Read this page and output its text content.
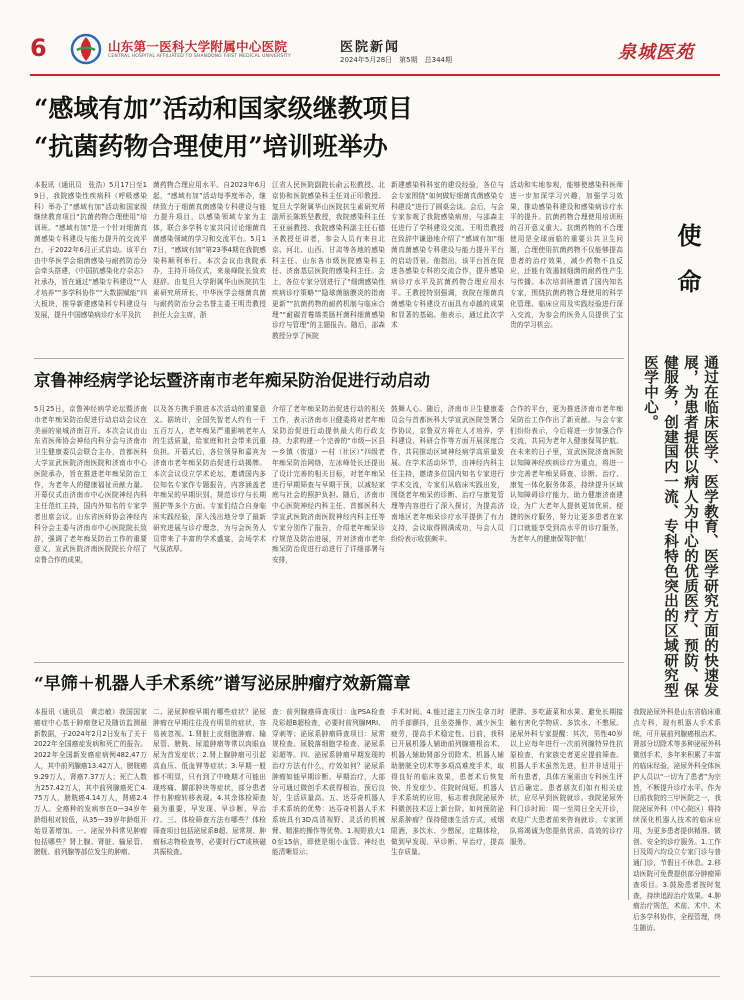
6	山东第一医科大学附属中心医院
CENTRAL HOSPITAL AFFILIATED TO SHANDONG FIRST MEDICAL UNIVERSITY
医院新闻
2024年5月28日　第5期　总344期	泉城医苑
“感域有加”活动和国家级继教项目
“抗菌药物合理使用”培训班举办
本报讯（通讯员　张浩）5月17日至19日，我院感染性疾病科（呼吸感染科）举办了“感域有加”活动和国家级继续教育项目“抗菌药物合理使用”培训班。“感域有加”是一个针对细菌真菌感染专科建设与能力提升的交流平台，于2022年6月正式启动。该平台由中华医学会细菌感染与耐药防治分会牵头搭建，《中国抗感染化疗杂志》社承办，旨在通过“感染专科建设”“人才培养”“多学科协作”“大数据赋能”四大板块，推导新建感染科专科建设与发展，提升中国感染病诊疗水平及抗
菌药物合理应用水平。自2023年6月起，“感域有加”活动每季度举办，继续致力于细菌真菌感染专科建设与能力提升项目，以感染领域专家为主体，联合多学科专家共同讨论细菌真菌感染领域的学习和交流平台。5月17日，“感域有加”第23季4期在我院感染科顺利举行。本次会议由我院承办，主持开场仪式，来泉峰院长致欢迎辞。由复旦大学附属华山医院抗生素研究所所长、中华医学会细菌真菌与耐药防治分会名誉主委王明贵教授担任大会主席，浙
江省人民医院副院长俞云松教授、北京协和医院感染科主任刘正印教授、复旦大学附属华山医院抗生素研究所副所长陈轶坚教授，我院感染科主任王亚丽教授、我院感染科副主任石德圣教授任讲者，参会人员有来自北京、河北、山西、甘肃等各地的感染科主任、山东各市级医院感染科主任、济南基层医院的感染科主任。会上，各位专家分别进行了“细菌感染性疾病诊疗策略”“隐球菌脑膜炎的指南更新”“抗菌药物的耐药机制与临床合理”“耐碳青霉烯类肠杆菌科细菌感染诊疗与管理”的主题报告。随后，邵森教授分享了医院
新建感染科科室的建设经验，各位与会专家围绕“如何做好细菌真菌感染专科建设”进行了圆桌会谈。会后，与会专家参观了我院感染病房，与邵森主任进行了学科建设交流。王明贵教授在致辞中谦逊地介绍了“感域有加”细菌真菌感染专科建设与能力提升平台的启动背景。他指出，该平台旨在促进各感染专科的交流合作，提升感染病诊疗水平及抗菌药物合理应用水平。王教授特别强调，我院在细菌真菌感染专科建设方面具有卓越的成果和显著的基础。他表示，通过此次学术
活动和实地参观，能够使感染科医师进一步加深学习兴趣，加强学习效果，推动感染科建设和感染病诊疗水平的提升。抗菌药物合理使用培训班的召开意义重大。抗菌药物的不合理使用是全球面临的重要公共卫生问题，合理使用抗菌药物不仅能够提高患者的治疗效果，减少药物不良反应，还能有效遏制细菌的耐药性产生与传播。本次培训班邀请了国内知名专家，围绕抗菌药物合理使用的科学化管理、临床应用及实践经验进行深入交流，为参会的医务人员提供了宝贵的学习机会。
使命
通过在临床医学、医学教育、医学研究方面的快速发展，为患者提供以病人为中心的优质医疗、预防、保健服务，创建国内一流、专科特色突出的区域研究型医学中心。
京鲁神经病学论坛暨济南市老年痴呆防治促进行动启动
5月25日，京鲁神经病学论坛暨济南市老年痴呆防治促进行动启动会议在美丽的泉城济南召开。本次会议由山东省医师协会神经内科分会与济南市卫生健康委员会联合主办，首都医科大学宣武医院济南医院和济南市中心医院承办，旨在推进老年痴呆防治工作，为老年人的健康福祉贡献力量。开幕仪式由济南市中心医院神经内科主任范红主持，国内外知名的专家学者出席会议。山东省医师协会神经内科分会主委与济南市中心医院院长致辞，强调了老年痴呆防治工作的重要意义，宣武医院济南医院院长介绍了京鲁合作的成果，
以及各方携手推进本次活动的重要意义。据统计，全国失智老人约有一千五百万人，老年痴呆严重影响老年人的生活质量，给家庭和社会带来沉重负担。开幕式后，各位领导和嘉宾为济南市老年痴呆防治促进行动揭牌。本次会议设立学术论坛，邀请国内多位知名专家作专题报告，内容涵盖老年痴呆的早期识别、规范诊疗与长期照护等多个方面。专家们结合自身临床实践经验，深入浅出地分享了最新研究进展与诊疗理念，为与会医务人员带来了丰富的学术盛宴，会场学术气氛浓厚。
介绍了老年痴呆防治促进行动的相关工作，表示济南市卫健委将对老年痴呆防治促进行动提供最大的行政支持，力求构建一个完善的“市级—区县—乡镇（街道）—村（社区）”四级老年痴呆防治网络，左冰峰处长还提出了设计完善的相关目标，对老年痴呆进行早期筛查与早期干预，以减轻家庭与社会的照护负担。随后，济南市中心医院神经内科主任、首都医科大学宣武医院济南医院神经内科主任等专家分别作了报告，介绍老年痴呆诊疗规范及防治进展，并对济南市老年痴呆防治促进行动进行了详细部署与安排，
鼓舞人心。随后，济南市卫生健康委员会与首都医科大学宣武医院签署合作协议，京鲁双方将在人才培养、学科建设、科研合作等方面开展深度合作，共同推动区域神经病学高质量发展。在学术活动环节，由神经内科主任主持，邀请多位国内知名专家进行学术交流，专家们从临床实践出发，围绕老年痴呆的诊断、治疗与康复管理等内容进行了深入探讨，为提高济南地区老年痴呆诊疗水平提供了有力支持，会议取得圆满成功，与会人员纷纷表示收获颇丰。
合作的平台，更为推进济南市老年痴呆防治工作作出了新贡献。与会专家们纷纷表示，今后将进一步加强合作交流，共同为老年人健康保驾护航。在未来的日子里，宣武医院济南医院以知障神经疾病诊疗为重点，将进一步完善老年痴呆筛查、诊断、治疗、康复一体化服务体系，持续提升区域认知障碍诊疗能力，助力健康济南建设，为广大老年人提供更加优质、便捷的医疗服务，努力让更多患者在家门口就能享受到高水平的诊疗服务，为老年人的健康保驾护航！
“早筛＋机器人手术系统”谱写泌尿肿瘤疗效新篇章
本报讯（通讯员　黄忠敏）我国国家癌症中心基于肿瘤登记及随访监测最新数据，于2024年2月2日发布了关于2022年全国癌症发病和死亡的报告。2022年全国新发癌症病例482.47万人，其中前列腺癌13.42万人，膀胱癌9.29万人，肾癌7.37万人；死亡人数为257.42万人，其中前列腺癌死亡4.75万人，膀胱癌4.14万人，肾癌2.4万人。全癌种的发病率在0—34岁年龄组相对较低，从35—39岁年龄组开始显著增加。一、泌尿外科常见肿瘤包括哪些？肾上腺、肾脏、输尿管、膀胱、前列腺等部位发生的肿瘤。
二、泌尿肿瘤早期有哪些症状？泌尿肿瘤在早期往往没有明显的症状，容易被忽视。1.肾脏上皮细胞肿瘤、输尿管、膀胱、尿道肿瘤等常以肉眼血尿为首发症状；2.肾上腺肿瘤可引起高血压、低血钾等症状；3.早期一般都不明显，只有到了中晚期才可能出现疼痛、腰部肿块等症状，部分患者伴有肿瘤转移表现。4.其余体检筛查最为重要，早发现、早诊断、早治疗。三、体检筛查方法有哪些？体检筛查项目包括泌尿系B超、尿常规、肿瘤标志物检查等，必要时行CT或核磁共振检查。
查：前列腺癌筛查项目：血PSA检查及彩超B超检查，必要时前列腺MRI、穿刺等；泌尿系肿瘤筛查项目：尿常规检查、尿脱落细胞学检查、泌尿系彩超等。四、泌尿系肿瘤早期发现的治疗方法有什么，疗效如何？泌尿系肿瘤如能早期诊断、早期治疗，大部分可通过微创手术获得根治，预后良好，生活质量高。五、达芬奇机器人手术系统的优势：达芬奇机器人手术系统具有3D高清视野、灵活的机械臂、精准的操作等优势。1.视野放大10至15倍，即使是细小血管、神经也能清晰显示；
手术时间。4.能过滤主刀医生拿刀时的手部颤抖，且坐姿操作，减少医生疲劳，提高手术稳定性。目前，我科已开展机器人辅助前列腺癌根治术、机器人辅助肾部分切除术、机器人辅助膀胱全切术等多项高难度手术，取得良好的临床效果，患者术后恢复快、并发症少、住院时间短。机器人手术系统的应用，标志着我院泌尿外科微创技术迈上新台阶。如何预防泌尿系肿瘤？保持健康生活方式，戒烟限酒，多饮水、少憋尿，定期体检，做到早发现、早诊断、早治疗，提高生存质量。
肥胖、多吃蔬菜和水果、避免长期接触有害化学物质、多饮水、不憋尿。泌尿外科专家提醒：其次，男性40岁以上应每年进行一次前列腺特异性抗原检查，有家族史者更应提前筛查。机器人手术虽然先进，但并非适用于所有患者，具体方案需由专科医生评估后确定。患者朋友们如有相关症状，应尽早到医院就诊。我院泌尿外科门诊时间：周一至周日全天开诊，欢迎广大患者前来咨询就诊，专家团队将竭诚为您提供优质、高效的诊疗服务。
我院泌尿外科是山东省临床重点专科，现有机器人手术系统，可开展前列腺癌根治术、肾部分切除术等多种泌尿外科微创手术，多年来积累了丰富的临床经验，泌尿外科全体医护人员以“一切为了患者”为宗旨，不断提升诊疗水平。作为目前我院的三甲医院之一，我院泌尿外科（中心院区）将持续深化机器人技术的临床应用，为更多患者提供精准、微创、安全的诊疗服务。1.工作日及周六均设立专家门诊与普通门诊，节假日不休息。2.移动医院可免费提供部分肿瘤筛查项目。3.鼓励患者按时复查，持续追踪治疗效果。4.肿瘤治疗规范，术前、术中、术后多学科协作，全程管理，终生随访。
